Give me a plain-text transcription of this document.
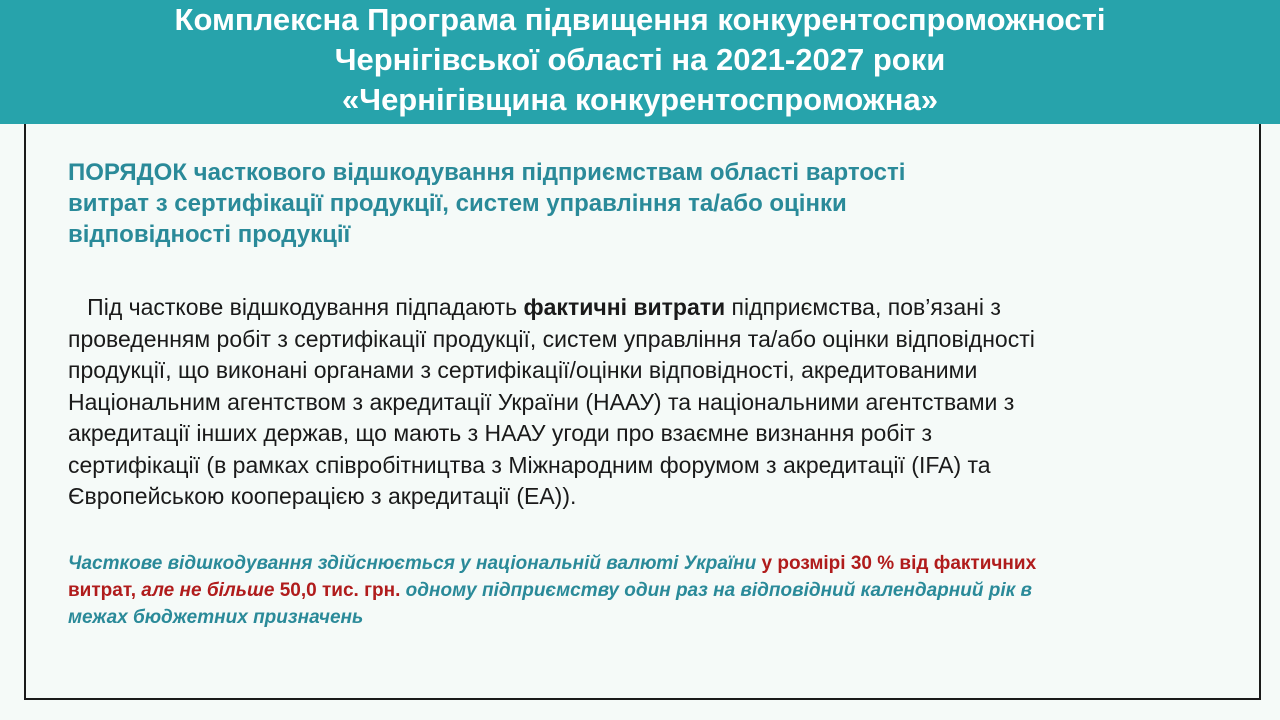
Комплексна Програма підвищення конкурентоспроможності
Чернігівської області на 2021-2027 роки
«Чернігівщина конкурентоспроможна»
ПОРЯДОК часткового відшкодування підприємствам області вартості
витрат з сертифікації продукції, систем управління та/або оцінки
відповідності продукції
Під часткове відшкодування підпадають фактичні витрати підприємства, пов’язані з
проведенням робіт з сертифікації продукції, систем управління та/або оцінки відповідності
продукції, що виконані органами з сертифікації/оцінки відповідності, акредитованими
Національним агентством з акредитації України (НААУ) та національними агентствами з
акредитації інших держав, що мають з НААУ угоди про взаємне визнання робіт з
сертифікації (в рамках співробітництва з Міжнародним форумом з акредитації (IFA) та
Європейською кооперацією з акредитації (ЕА)).
Часткове відшкодування здійснюється у національній валюті України у розмірі 30 % від фактичних
витрат, але не більше 50,0 тис. грн. одному підприємству один раз на відповідний календарний рік в
межах бюджетних призначень
